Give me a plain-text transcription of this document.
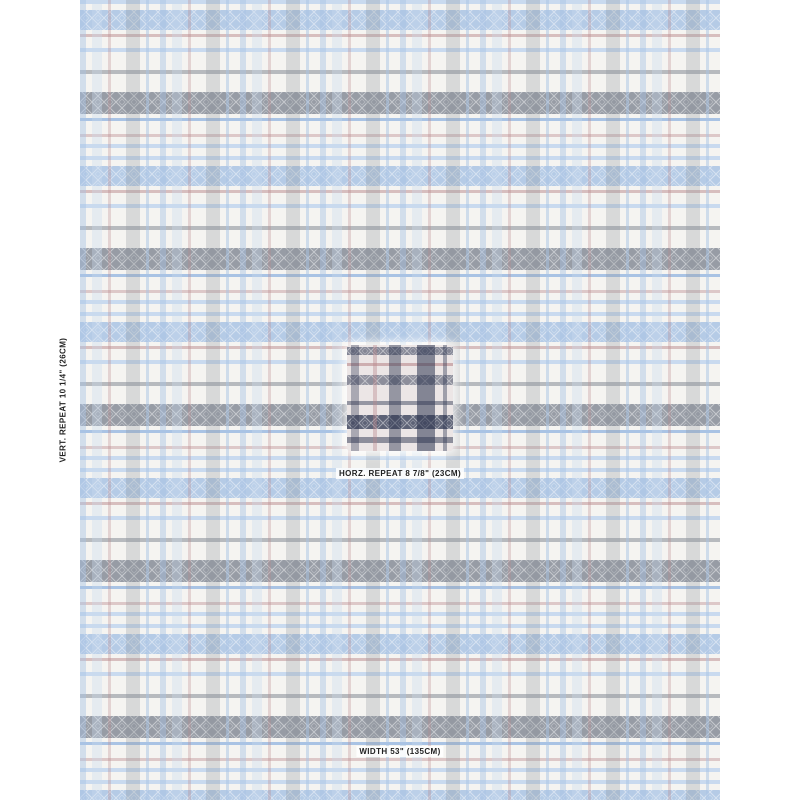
VERT. REPEAT 10 1/4" (26CM)
HORZ. REPEAT 8 7/8" (23CM)
WIDTH 53" (135CM)
